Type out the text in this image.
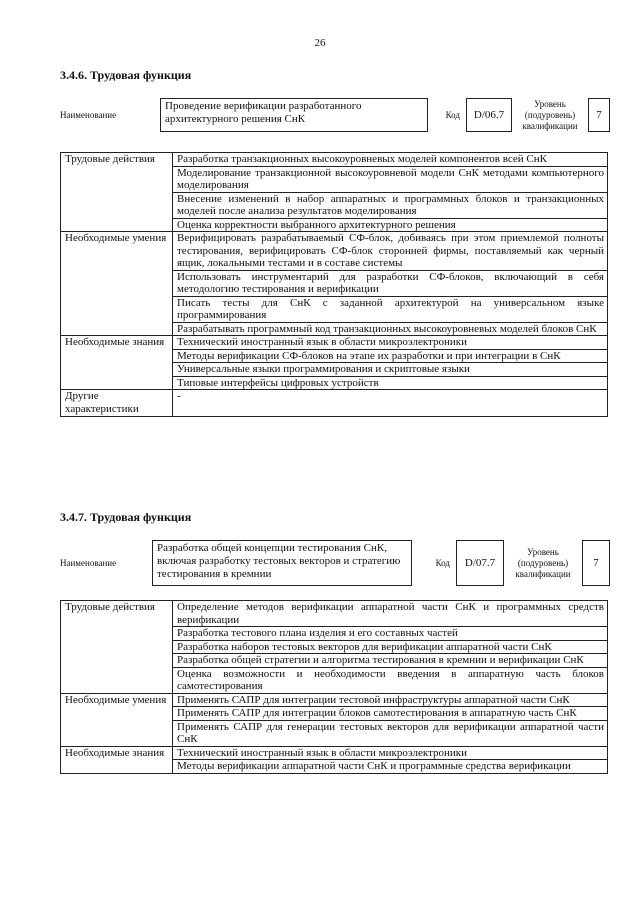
26
3.4.6. Трудовая функция
Наименование
Проведение верификации разработанного архитектурного решения СнК	Код	D/06.7
Уровень (подуровень) квалификации
7
Трудовые действия	Разработка транзакционных высокоуровневых моделей компонентов всей СнК
	Моделирование транзакционной высокоуровневой модели СнК методами компьютерного моделирования
	Внесение изменений в набор аппаратных и программных блоков и транзакционных моделей после анализа результатов моделирования
	Оценка корректности выбранного архитектурного решения
Необходимые умения	Верифицировать разрабатываемый СФ-блок, добиваясь при этом приемлемой полноты тестирования, верифицировать СФ-блок сторонней фирмы, поставляемый как черный ящик, локальными тестами и в составе системы
	Использовать инструментарий для разработки СФ-блоков, включающий в себя методологию тестирования и верификации
	Писать тесты для СнК с заданной архитектурой на универсальном языке программирования
	Разрабатывать программный код транзакционных высокоуровневых моделей блоков СнК
Необходимые знания	Технический иностранный язык в области микроэлектроники
	Методы верификации СФ-блоков на этапе их разработки и при интеграции в СнК
	Универсальные языки программирования и скриптовые языки
	Типовые интерфейсы цифровых устройств
Другие характеристики	-
3.4.7. Трудовая функция
Наименование
Разработка общей концепции тестирования СнК, включая разработку тестовых векторов и стратегию тестирования в кремнии
Код	D/07.7
Уровень (подуровень) квалификации
7
Трудовые действия	Определение методов верификации аппаратной части СнК и программных средств верификации
	Разработка тестового плана изделия и его составных частей
	Разработка наборов тестовых векторов для верификации аппаратной части СнК
	Разработка общей стратегии и алгоритма тестирования в кремнии и верификации СнК
	Оценка возможности и необходимости введения в аппаратную часть блоков самотестирования
Необходимые умения	Применять САПР для интеграции тестовой инфраструктуры аппаратной части СнК
	Применять САПР для интеграции блоков самотестирования в аппаратную часть СнК
	Применять САПР для генерации тестовых векторов для верификации аппаратной части СнК
Необходимые знания	Технический иностранный язык в области микроэлектроники
	Методы верификации аппаратной части СнК и программные средства верификации
